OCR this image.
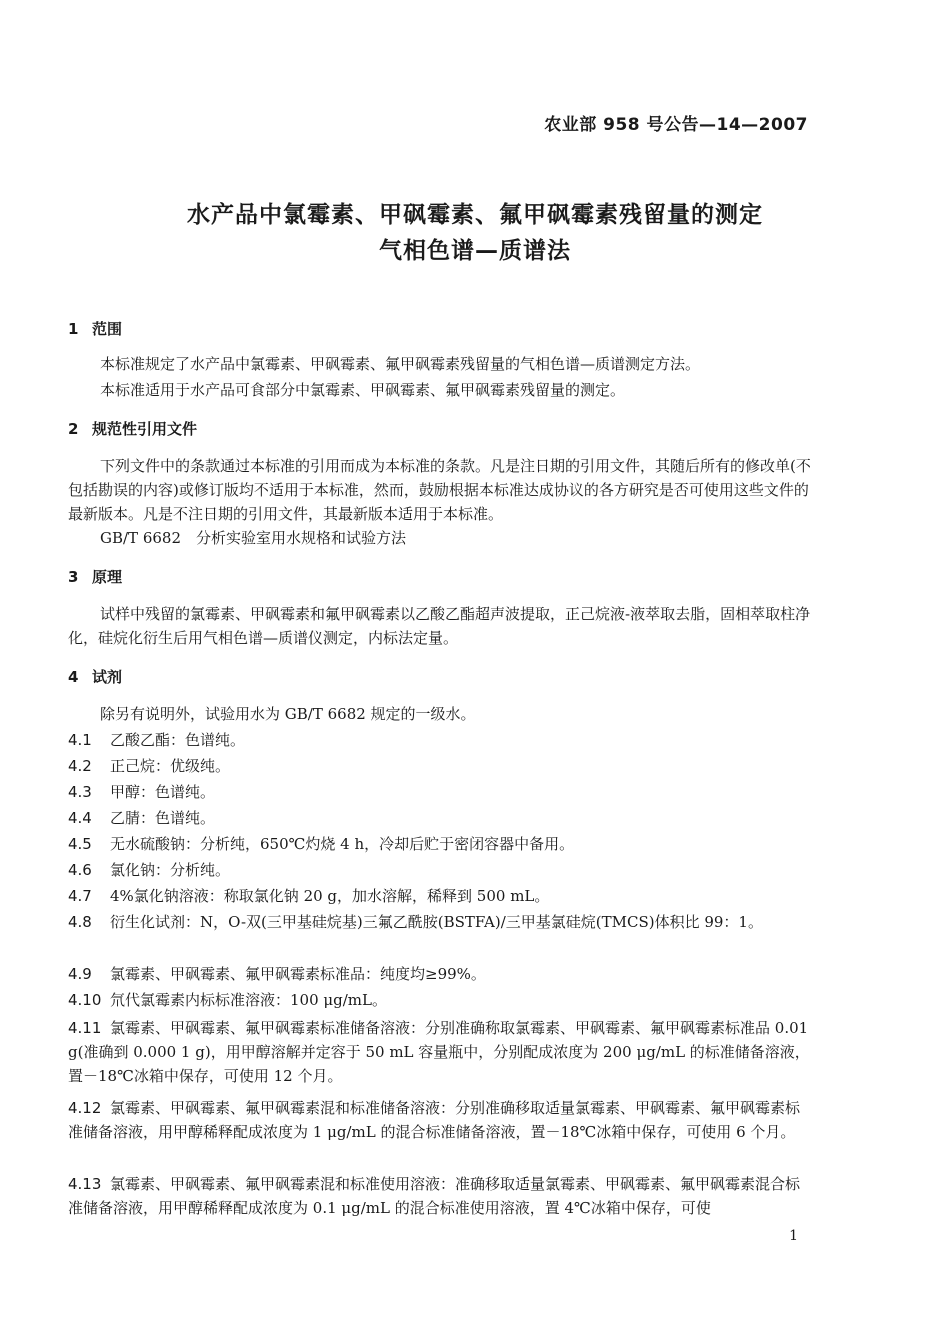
农业部 958 号公告—14—2007
水产品中氯霉素、甲砜霉素、氟甲砜霉素残留量的测定
气相色谱—质谱法
1 范围
本标准规定了水产品中氯霉素、甲砜霉素、氟甲砜霉素残留量的气相色谱—质谱测定方法。
本标准适用于水产品可食部分中氯霉素、甲砜霉素、氟甲砜霉素残留量的测定。
2 规范性引用文件
下列文件中的条款通过本标准的引用而成为本标准的条款。凡是注日期的引用文件，其随后所有的修改单(不包括勘误的内容)或修订版均不适用于本标准，然而，鼓励根据本标准达成协议的各方研究是否可使用这些文件的最新版本。凡是不注日期的引用文件，其最新版本适用于本标准。
GB/T 6682　分析实验室用水规格和试验方法
3 原理
试样中残留的氯霉素、甲砜霉素和氟甲砜霉素以乙酸乙酯超声波提取，正己烷液-液萃取去脂，固相萃取柱净化，硅烷化衍生后用气相色谱—质谱仪测定，内标法定量。
4 试剂
除另有说明外，试验用水为 GB/T 6682 规定的一级水。
4.1 乙酸乙酯：色谱纯。
4.2 正己烷：优级纯。
4.3 甲醇：色谱纯。
4.4 乙腈：色谱纯。
4.5 无水硫酸钠：分析纯，650℃灼烧 4 h，冷却后贮于密闭容器中备用。
4.6 氯化钠：分析纯。
4.7 4%氯化钠溶液：称取氯化钠 20 g，加水溶解，稀释到 500 mL。
4.8 衍生化试剂：N，O-双(三甲基硅烷基)三氟乙酰胺(BSTFA)/三甲基氯硅烷(TMCS)体积比 99：1。
4.9 氯霉素、甲砜霉素、氟甲砜霉素标准品：纯度均≥99%。
4.10 氘代氯霉素内标标准溶液：100 μg/mL。
4.11 氯霉素、甲砜霉素、氟甲砜霉素标准储备溶液：分别准确称取氯霉素、甲砜霉素、氟甲砜霉素标准品 0.01 g(准确到 0.000 1 g)，用甲醇溶解并定容于 50 mL 容量瓶中，分别配成浓度为 200 μg/mL 的标准储备溶液，置－18℃冰箱中保存，可使用 12 个月。
4.12 氯霉素、甲砜霉素、氟甲砜霉素混和标准储备溶液：分别准确移取适量氯霉素、甲砜霉素、氟甲砜霉素标准储备溶液，用甲醇稀释配成浓度为 1 μg/mL 的混合标准储备溶液，置－18℃冰箱中保存，可使用 6 个月。
4.13 氯霉素、甲砜霉素、氟甲砜霉素混和标准使用溶液：准确移取适量氯霉素、甲砜霉素、氟甲砜霉素混合标准储备溶液，用甲醇稀释配成浓度为 0.1 μg/mL 的混合标准使用溶液，置 4℃冰箱中保存，可使
1
